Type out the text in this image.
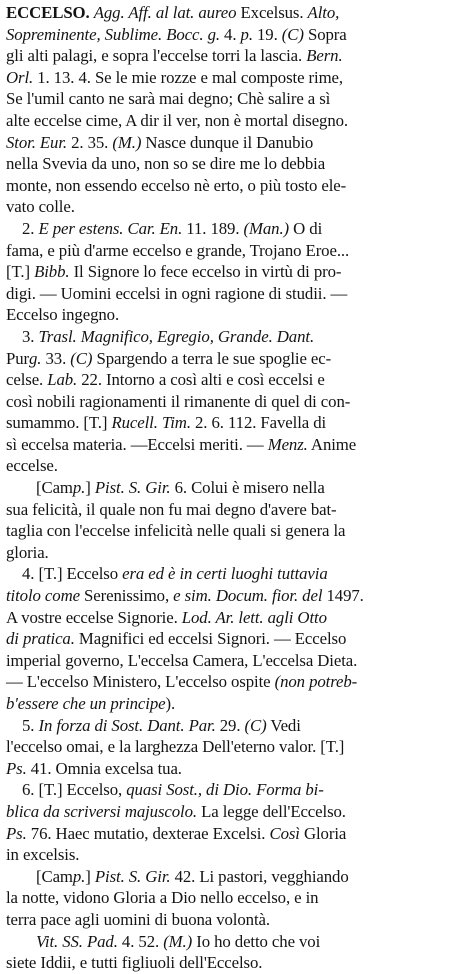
ECCELSO. Agg. Aff. al lat. aureo Excelsus. Alto,
Sopreminente, Sublime. Bocc. g. 4. p. 19. (C) Sopra
gli alti palagi, e sopra l'eccelse torri la lascia. Bern.
Orl. 1. 13. 4. Se le mie rozze e mal composte rime,
Se l'umil canto ne sarà mai degno; Chè salire a sì
alte eccelse cime, A dir il ver, non è mortal disegno.
Stor. Eur. 2. 35. (M.) Nasce dunque il Danubio
nella Svevia da uno, non so se dire me lo debbia
monte, non essendo eccelso nè erto, o più tosto ele-
vato colle.
2. E per estens. Car. En. 11. 189. (Man.) O di
fama, e più d'arme eccelso e grande, Trojano Eroe...
[T.] Bibb. Il Signore lo fece eccelso in virtù di pro-
digi. — Uomini eccelsi in ogni ragione di studii. —
Eccelso ingegno.
3. Trasl. Magnifico, Egregio, Grande. Dant.
Purg. 33. (C) Spargendo a terra le sue spoglie ec-
celse. Lab. 22. Intorno a così alti e così eccelsi e
così nobili ragionamenti il rimanente di quel di con-
sumammo. [T.] Rucell. Tim. 2. 6. 112. Favella di
sì eccelsa materia. —Eccelsi meriti. — Menz. Anime
eccelse.
[Camp.] Pist. S. Gir. 6. Colui è misero nella
sua felicità, il quale non fu mai degno d'avere bat-
taglia con l'eccelse infelicità nelle quali si genera la
gloria.
4. [T.] Eccelso era ed è in certi luoghi tuttavia
titolo come Serenissimo, e sim. Docum. fior. del 1497.
A vostre eccelse Signorie. Lod. Ar. lett. agli Otto
di pratica. Magnifici ed eccelsi Signori. — Eccelso
imperial governo, L'eccelsa Camera, L'eccelsa Dieta.
— L'eccelso Ministero, L'eccelso ospite (non potreb-
b'essere che un principe).
5. In forza di Sost. Dant. Par. 29. (C) Vedi
l'eccelso omai, e la larghezza Dell'eterno valor. [T.]
Ps. 41. Omnia excelsa tua.
6. [T.] Eccelso, quasi Sost., di Dio. Forma bi-
blica da scriversi majuscolo. La legge dell'Eccelso.
Ps. 76. Haec mutatio, dexterae Excelsi. Così Gloria
in excelsis.
[Camp.] Pist. S. Gir. 42. Li pastori, vegghiando
la notte, vidono Gloria a Dio nello eccelso, e in
terra pace agli uomini di buona volontà.
Vit. SS. Pad. 4. 52. (M.) Io ho detto che voi
siete Iddii, e tutti figliuoli dell'Eccelso.
